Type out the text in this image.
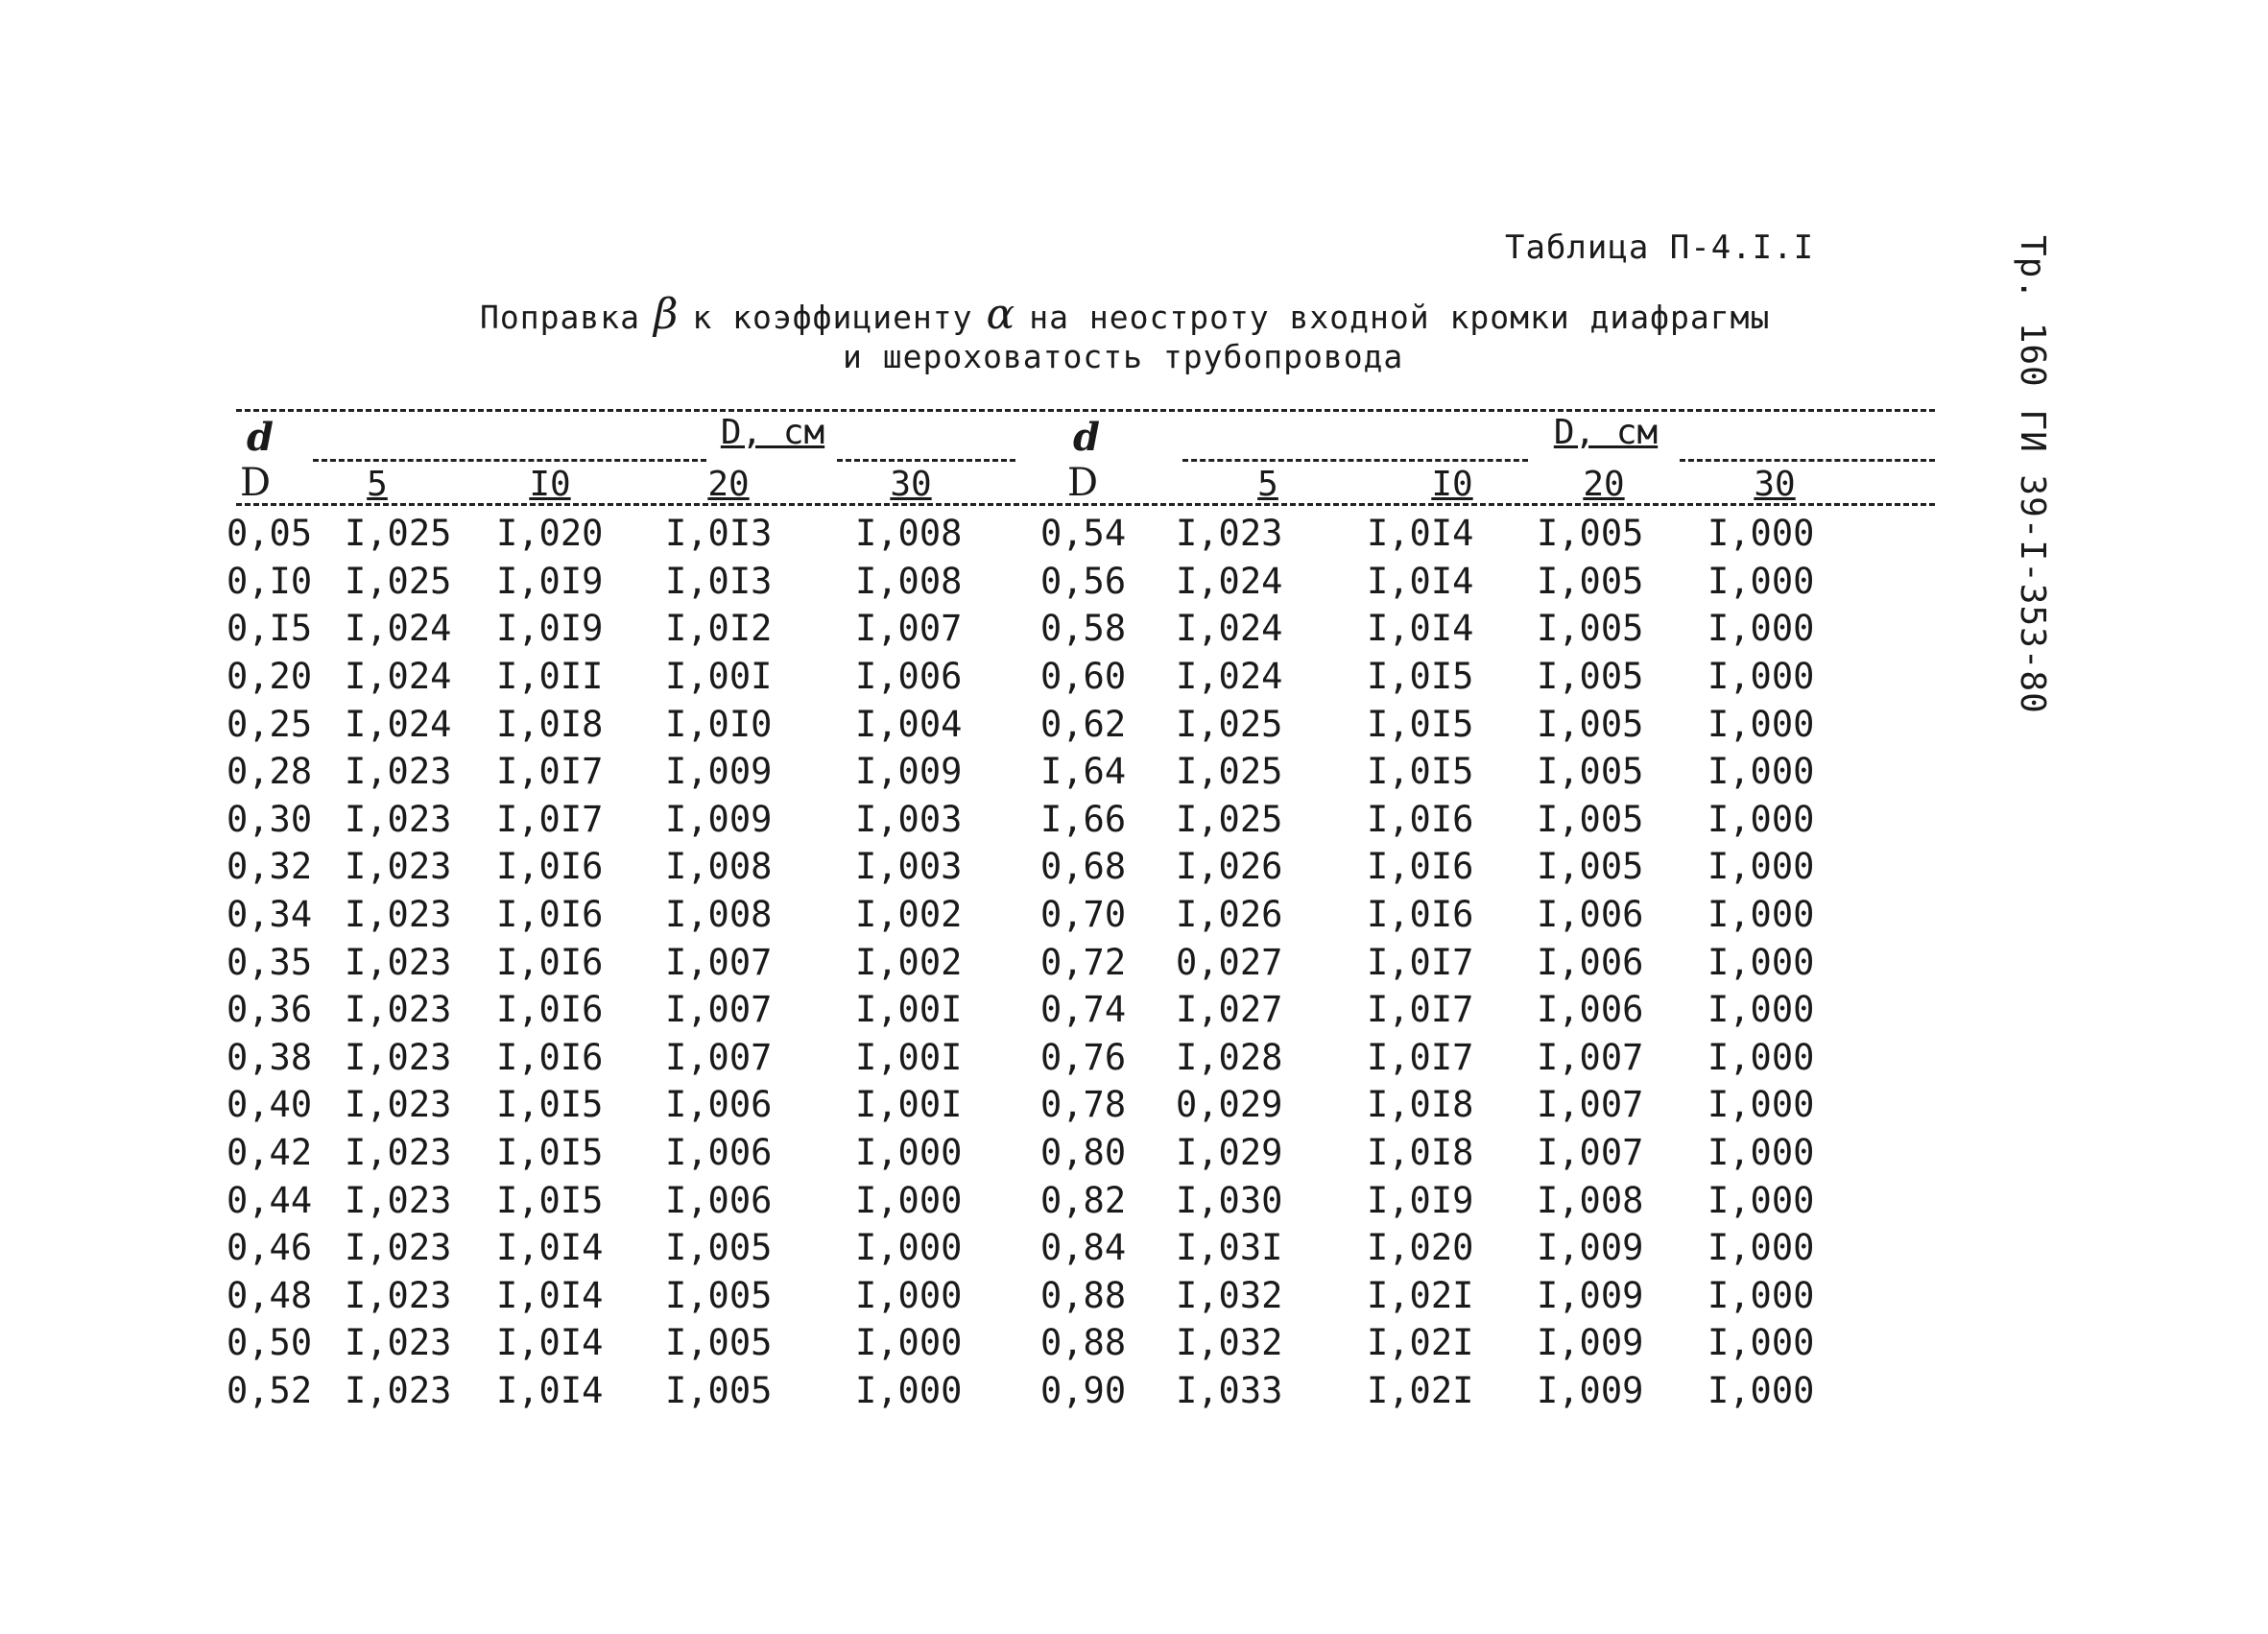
Таблица П-4.I.I
Поправка β к коэффициенту α на неостроту входной кромки диафрагмы
и шероховатость трубопровода	Тр. 160 ГИ 39-I-353-80
d
D
D, см
5	I0	20	30
d
D
D, см
5	I0	20	30
0,05	I,025	I,020	I,0I3	I,008	0,54	I,023	I,0I4	I,005	I,000
0,I0	I,025	I,0I9	I,0I3	I,008	0,56	I,024	I,0I4	I,005	I,000
0,I5	I,024	I,0I9	I,0I2	I,007	0,58	I,024	I,0I4	I,005	I,000
0,20	I,024	I,0II	I,00I	I,006	0,60	I,024	I,0I5	I,005	I,000
0,25	I,024	I,0I8	I,0I0	I,004	0,62	I,025	I,0I5	I,005	I,000
0,28	I,023	I,0I7	I,009	I,009	I,64	I,025	I,0I5	I,005	I,000
0,30	I,023	I,0I7	I,009	I,003	I,66	I,025	I,0I6	I,005	I,000
0,32	I,023	I,0I6	I,008	I,003	0,68	I,026	I,0I6	I,005	I,000
0,34	I,023	I,0I6	I,008	I,002	0,70	I,026	I,0I6	I,006	I,000
0,35	I,023	I,0I6	I,007	I,002	0,72	0,027	I,0I7	I,006	I,000
0,36	I,023	I,0I6	I,007	I,00I	0,74	I,027	I,0I7	I,006	I,000
0,38	I,023	I,0I6	I,007	I,00I	0,76	I,028	I,0I7	I,007	I,000
0,40	I,023	I,0I5	I,006	I,00I	0,78	0,029	I,0I8	I,007	I,000
0,42	I,023	I,0I5	I,006	I,000	0,80	I,029	I,0I8	I,007	I,000
0,44	I,023	I,0I5	I,006	I,000	0,82	I,030	I,0I9	I,008	I,000
0,46	I,023	I,0I4	I,005	I,000	0,84	I,03I	I,020	I,009	I,000
0,48	I,023	I,0I4	I,005	I,000	0,88	I,032	I,02I	I,009	I,000
0,50	I,023	I,0I4	I,005	I,000	0,88	I,032	I,02I	I,009	I,000
0,52	I,023	I,0I4	I,005	I,000	0,90	I,033	I,02I	I,009	I,000
